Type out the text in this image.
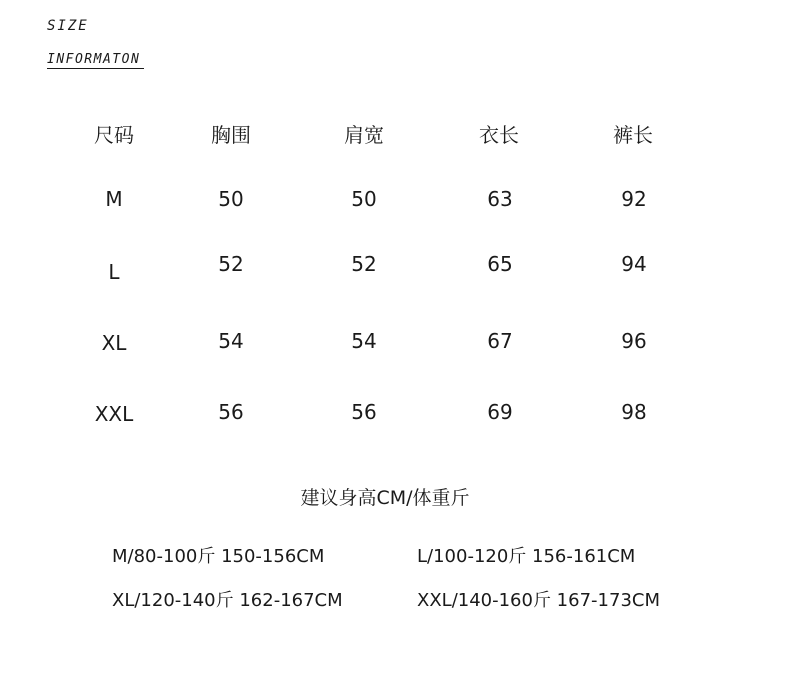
SIZE
INFORMATON
尺码	胸围	肩宽	衣长	裤长
M	50	50	63	92
L	52	52	65	94
XL	54	54	67	96
XXL	56	56	69	98
建议身高CM/体重斤
M/80-100斤 150-156CM	L/100-120斤 156-161CM
XL/120-140斤 162-167CM	XXL/140-160斤 167-173CM
